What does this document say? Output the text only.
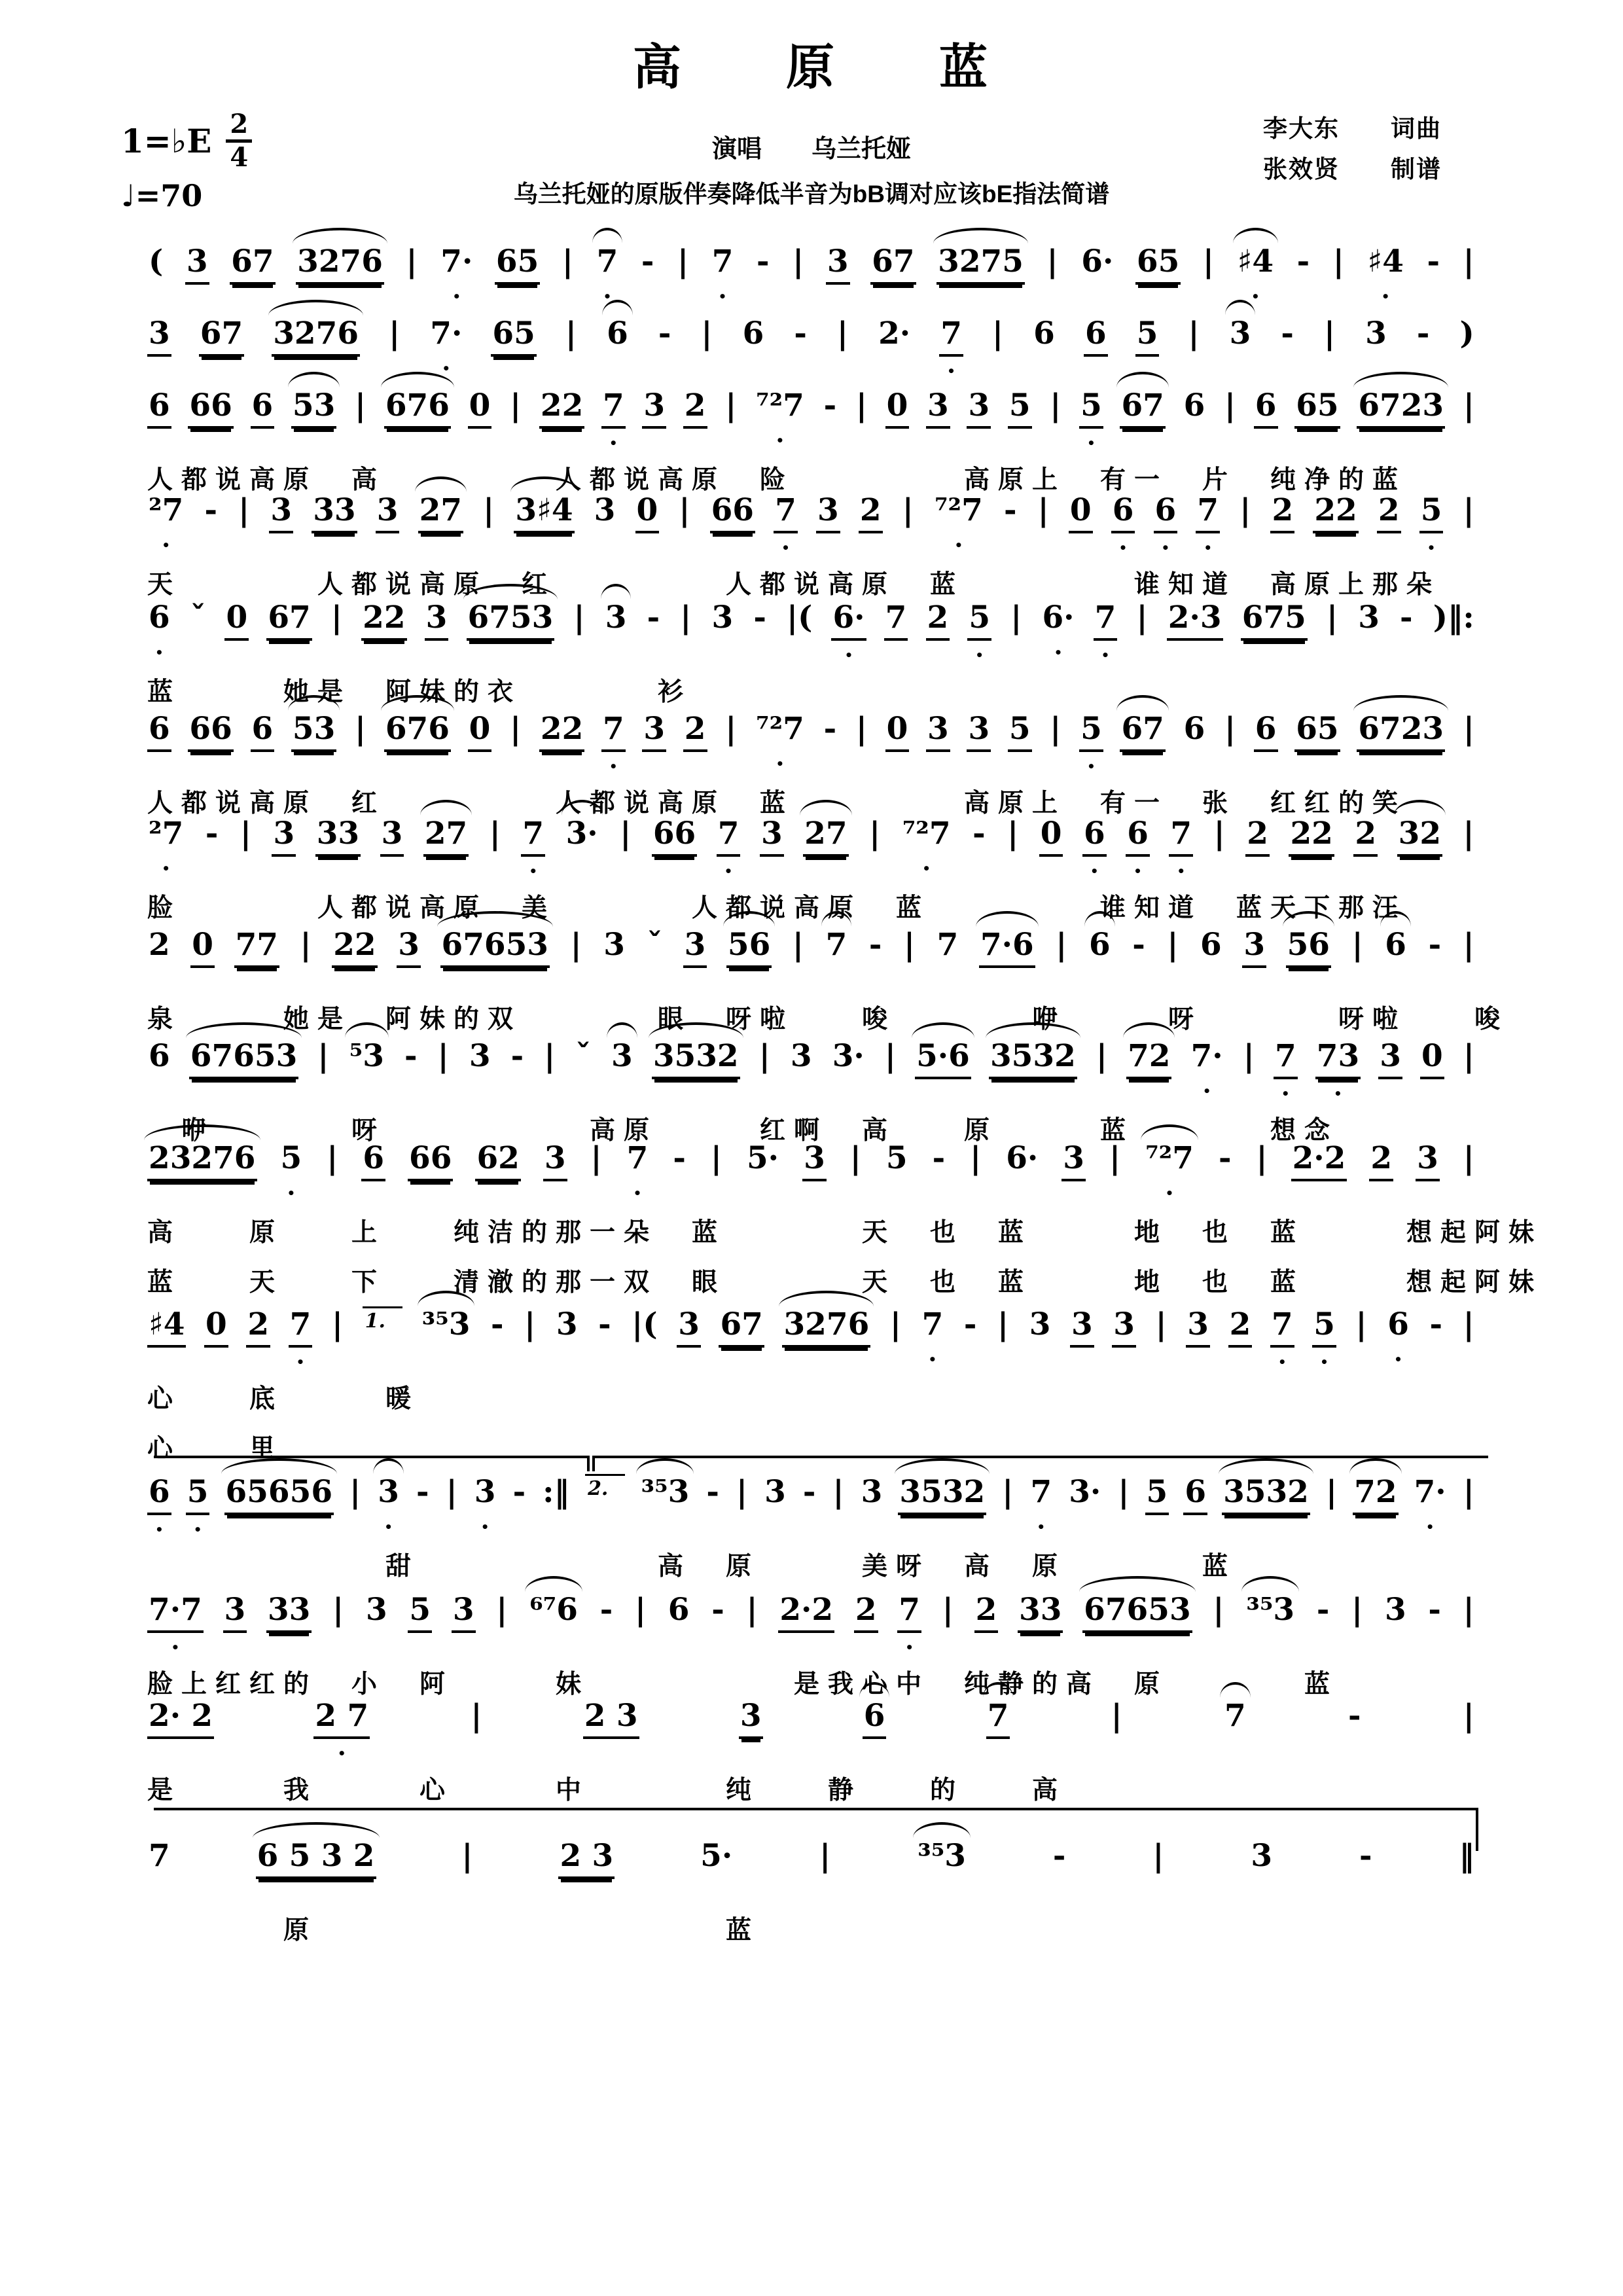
高　　原　　蓝
1=♭E $\frac{2}{4}$
♩=70
演唱　　乌兰托娅
乌兰托娅的原版伴奏降低半音为bB调对应该bE指法简谱
李大东　　词曲
张效贤　　制谱
( 3 67 3276 | 7· • 65 | 7 • - | 7 • - | 3 67 3275 | 6· 65 | ♯4 • - | ♯4 • - |
3 67 3276 | 7· • 65 | 6 - | 6 - | 2· 7 • | 6 6 5 | 3 - | 3 - )
6 66 6 53 | 676 0 | 22 7 • 3 2 | ⁷²7 • - | 0 3 3 5 | 5 • 67 6 | 6 65 6723 |
人都说高原　高　　　　　人都说高原　险　　　　　高原上　有一　片　纯净的蓝
²7 • - | 3 33 3 27 | 3♯4 3 0 | 66 7 • 3 2 | ⁷²7 • - | 0 6 • 6 • 7 • | 2 22 2 5 • |
天　　　　人都说高原　红　　　　　人都说高原　蓝　　　　　谁知道　高原上那朵
6 • ˇ 0 67 | 22 3 6753 | 3 - | 3 - |( 6· • 7 2 5 • | 6· • 7 • | 2·3 675 | 3 - )‖:
蓝　　　她是　阿妹的衣　　　　衫
6 66 6 53 | 676 0 | 22 7 • 3 2 | ⁷²7 • - | 0 3 3 5 | 5 • 67 6 | 6 65 6723 |
人都说高原　红　　　　　人都说高原　蓝　　　　　高原上　有一　张　红红的笑
²7 • - | 3 33 3 27 | 7 • 3· | 66 7 • 3 27 | ⁷²7 • - | 0 6 • 6 • 7 • | 2 22 2 32 |
脸　　　　人都说高原　美　　　　人都说高原　蓝　　　　　谁知道　蓝天下那汪
2 0 77 | 22 3 67653 | 3 ˇ 3 56 | 7 - | 7 7·6 | 6 - | 6 3 56 | 6 - |
泉　　　她是　阿妹的双　　　　眼　呀啦　　唆　　　　咿　　　呀　　　　呀啦　　唆
6 67653 | ⁵3 - | 3 - | ˇ 3 3532 | 3 3· | 5·6 3532 | 72 7· • | 7 • 73 • 3 0 |
　咿　　　　呀　　　　　　高原　　　红啊　高　　原　　　蓝　　　　想念
23276 5 • | 6 66 62 3 | 7 • - | 5· 3 | 5 - | 6· 3 | ⁷²7 • - | 2·2 2 3 |
高　　原　　上　　纯洁的那一朵　蓝　　　　天　也　蓝　　　地　也　蓝　　　想起阿妹
蓝　　天　　下　　清澈的那一双　眼　　　　天　也　蓝　　　地　也　蓝　　　想起阿妹
♯4 0 2 7 • | 1.	³⁵3 - | 3 - |( 3 67 3276 | 7 • - | 3 3 3 | 3 2 7 • 5 • | 6 • - |
心　　底　　　暖
心　　里
6 • 5 • 65656 | 3 • - | 3 • - :‖ 2.	³⁵3 - | 3 - | 3 3532 | 7 • 3· | 5 6 3532 | 72 7· • |
　　　　　　　甜　　　　　　　高　原　　　美呀　高　原　　　　蓝
7·7 • 3 33 | 3 5 3 | ⁶⁷6 - | 6 - | 2·2 2 7 • | 2 33 67653 | ³⁵3 - | 3 - |
脸上红红的　小　阿　　　妹　　　　　　是我心中　纯静的高　原　　　　蓝
2· 2	2 7 •	|	2 3	3	6	7	|	7	-	|
是　　　我　　　心　　　中　　　　纯　　静　　的　　高
7	6 5 3 2	|	2 3	5·	|	³⁵3	-	|	3	-	‖
　　　　原　　　　　　　　　　　　蓝
